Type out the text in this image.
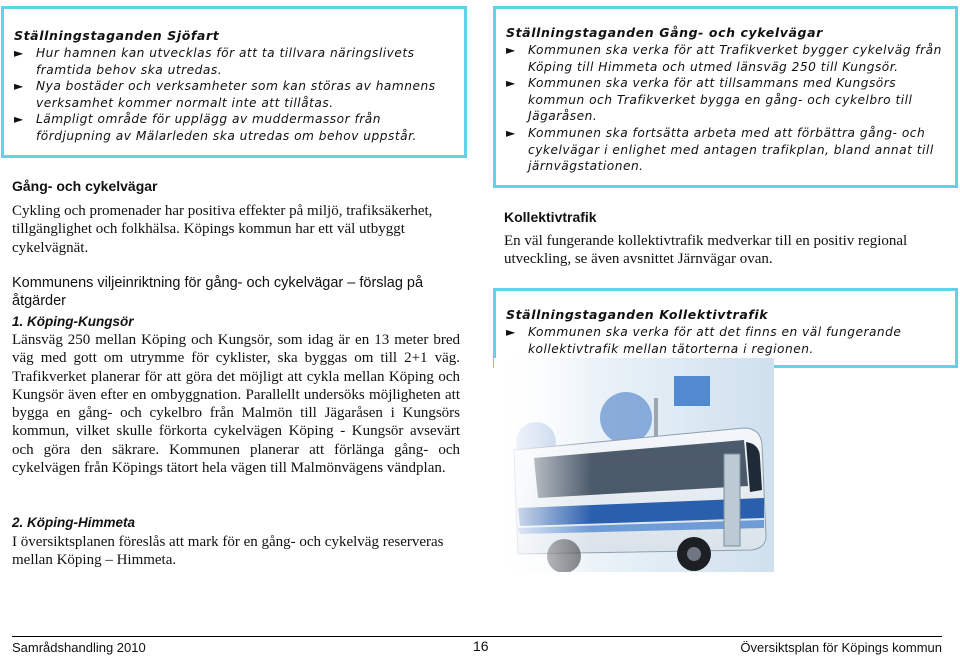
Ställningstaganden Sjöfart
► Hur hamnen kan utvecklas för att ta tillvara näringslivets framtida behov ska utredas.
► Nya bostäder och verksamheter som kan störas av hamnens verksamhet kommer normalt inte att tillåtas.
► Lämpligt område för upplägg av muddermassor från fördjupning av Mälarleden ska utredas om behov uppstår.
Gång- och cykelvägar
Cykling och promenader har positiva effekter på miljö, trafiksäkerhet, tillgänglighet och folkhälsa. Köpings kommun har ett väl utbyggt cykelvägnät.
Kommunens viljeinriktning för gång- och cykelvägar – förslag på åtgärder
1. Köping-Kungsör
Länsväg 250 mellan Köping och Kungsör, som idag är en 13 meter bred väg med gott om utrymme för cyklister, ska byggas om till 2+1 väg. Trafikverket planerar för att göra det möjligt att cykla mellan Köping och Kungsör även efter en ombyggnation. Parallellt undersöks möjligheten att bygga en gång- och cykelbro från Malmön till Jägaråsen i Kungsörs kommun, vilket skulle förkorta cykelvägen Köping - Kungsör avsevärt och göra den säkrare. Kommunen planerar att förlänga gång- och cykelvägen från Köpings tätort hela vägen till Malmönvägens vändplan.
2. Köping-Himmeta
I översiktsplanen föreslås att mark för en gång- och cykelväg reserveras mellan Köping – Himmeta.
Ställningstaganden Gång- och cykelvägar
► Kommunen ska verka för att Trafikverket bygger cykelväg från Köping till Himmeta och utmed länsväg 250 till Kungsör.
► Kommunen ska verka för att tillsammans med Kungsörs kommun och Trafikverket bygga en gång- och cykelbro till Jägaråsen.
► Kommunen ska fortsätta arbeta med att förbättra gång- och cykelvägar i enlighet med antagen trafikplan, bland annat till järnvägstationen.
Kollektivtrafik
En väl fungerande kollektivtrafik medverkar till en positiv regional utveckling, se även avsnittet Järnvägar ovan.
Ställningstaganden Kollektivtrafik
► Kommunen ska verka för att det finns en väl fungerande kollektivtrafik mellan tätorterna i regionen.
Samrådshandling 2010	16	Översiktsplan för Köpings kommun
